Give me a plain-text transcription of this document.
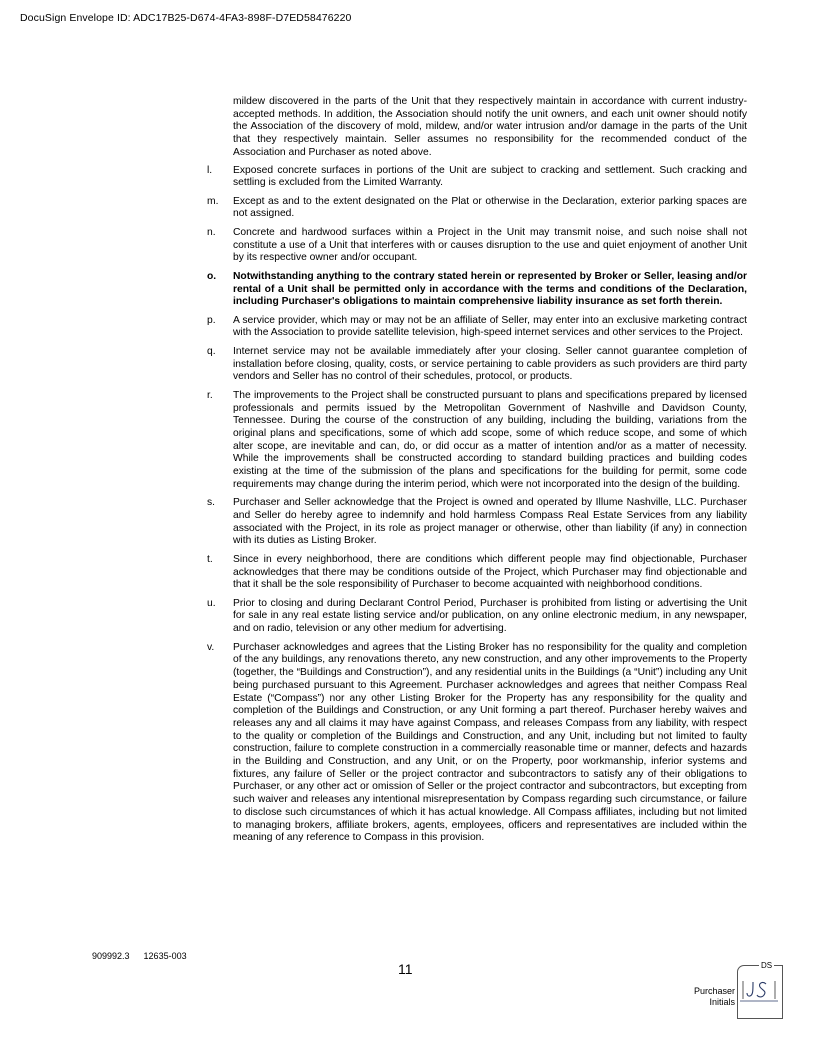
DocuSign Envelope ID: ADC17B25-D674-4FA3-898F-D7ED58476220
mildew discovered in the parts of the Unit that they respectively maintain in accordance with current industry-accepted methods. In addition, the Association should notify the unit owners, and each unit owner should notify the Association of the discovery of mold, mildew, and/or water intrusion and/or damage in the parts of the Unit that they respectively maintain. Seller assumes no responsibility for the recommended conduct of the Association and Purchaser as noted above.
l.	Exposed concrete surfaces in portions of the Unit are subject to cracking and settlement. Such cracking and settling is excluded from the Limited Warranty.
m.	Except as and to the extent designated on the Plat or otherwise in the Declaration, exterior parking spaces are not assigned.
n.	Concrete and hardwood surfaces within a Project in the Unit may transmit noise, and such noise shall not constitute a use of a Unit that interferes with or causes disruption to the use and quiet enjoyment of another Unit by its respective owner and/or occupant.
o.	Notwithstanding anything to the contrary stated herein or represented by Broker or Seller, leasing and/or rental of a Unit shall be permitted only in accordance with the terms and conditions of the Declaration, including Purchaser's obligations to maintain comprehensive liability insurance as set forth therein.
p.	A service provider, which may or may not be an affiliate of Seller, may enter into an exclusive marketing contract with the Association to provide satellite television, high-speed internet services and other services to the Project.
q.	Internet service may not be available immediately after your closing. Seller cannot guarantee completion of installation before closing, quality, costs, or service pertaining to cable providers as such providers are third party vendors and Seller has no control of their schedules, protocol, or products.
r.	The improvements to the Project shall be constructed pursuant to plans and specifications prepared by licensed professionals and permits issued by the Metropolitan Government of Nashville and Davidson County, Tennessee. During the course of the construction of any building, including the building, variations from the original plans and specifications, some of which add scope, some of which reduce scope, and some of which alter scope, are inevitable and can, do, or did occur as a matter of intention and/or as a matter of necessity. While the improvements shall be constructed according to standard building practices and building codes existing at the time of the submission of the plans and specifications for the building for permit, some code requirements may change during the interim period, which were not incorporated into the design of the building.
s.	Purchaser and Seller acknowledge that the Project is owned and operated by Illume Nashville, LLC. Purchaser and Seller do hereby agree to indemnify and hold harmless Compass Real Estate Services from any liability associated with the Project, in its role as project manager or otherwise, other than liability (if any) in connection with its duties as Listing Broker.
t.	Since in every neighborhood, there are conditions which different people may find objectionable, Purchaser acknowledges that there may be conditions outside of the Project, which Purchaser may find objectionable and that it shall be the sole responsibility of Purchaser to become acquainted with neighborhood conditions.
u.	Prior to closing and during Declarant Control Period, Purchaser is prohibited from listing or advertising the Unit for sale in any real estate listing service and/or publication, on any online electronic medium, in any newspaper, and on radio, television or any other medium for advertising.
v.	Purchaser acknowledges and agrees that the Listing Broker has no responsibility for the quality and completion of the any buildings, any renovations thereto, any new construction, and any other improvements to the Property (together, the “Buildings and Construction”), and any residential units in the Buildings (a “Unit”) including any Unit being purchased pursuant to this Agreement. Purchaser acknowledges and agrees that neither Compass Real Estate (“Compass”) nor any other Listing Broker for the Property has any responsibility for the quality and completion of the Buildings and Construction, or any Unit forming a part thereof. Purchaser hereby waives and releases any and all claims it may have against Compass, and releases Compass from any liability, with respect to the quality or completion of the Buildings and Construction, and any Unit, including but not limited to faulty construction, failure to complete construction in a commercially reasonable time or manner, defects and hazards in the Building and Construction, and any Unit, or on the Property, poor workmanship, inferior systems and fixtures, any failure of Seller or the project contractor and subcontractors to satisfy any of their obligations to Purchaser, or any other act or omission of Seller or the project contractor and subcontractors, but excepting from such waiver and releases any intentional misrepresentation by Compass regarding such circumstance, or failure to disclose such circumstances of which it has actual knowledge. All Compass affiliates, including but not limited to managing brokers, affiliate brokers, agents, employees, officers and representatives are included within the meaning of any reference to Compass in this provision.
909992.3 12635-003
11
Purchaser Initials
DS
